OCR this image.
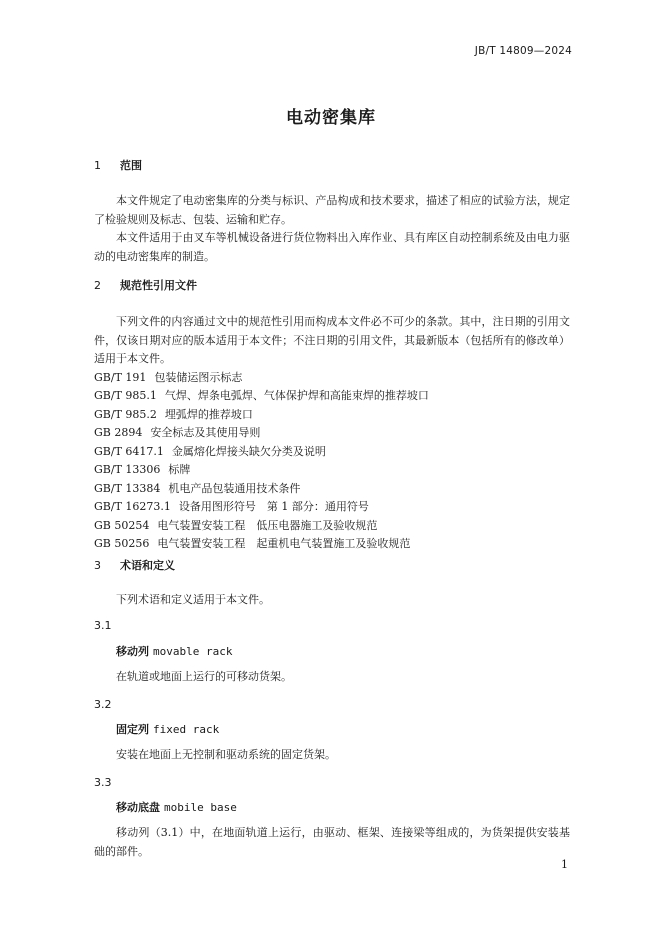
JB/T 14809—2024
电动密集库
1 范围

本文件规定了电动密集库的分类与标识、产品构成和技术要求，描述了相应的试验方法，规定了检验规则及标志、包装、运输和贮存。

本文件适用于由叉车等机械设备进行货位物料出入库作业、具有库区自动控制系统及由电力驱动的电动密集库的制造。

2 规范性引用文件

下列文件的内容通过文中的规范性引用而构成本文件必不可少的条款。其中，注日期的引用文件，仅该日期对应的版本适用于本文件；不注日期的引用文件，其最新版本（包括所有的修改单）适用于本文件。

GB/T 191 包装储运图示标志
GB/T 985.1 气焊、焊条电弧焊、气体保护焊和高能束焊的推荐坡口
GB/T 985.2 埋弧焊的推荐坡口
GB 2894 安全标志及其使用导则
GB/T 6417.1 金属熔化焊接头缺欠分类及说明
GB/T 13306 标牌
GB/T 13384 机电产品包装通用技术条件
GB/T 16273.1 设备用图形符号　第 1 部分：通用符号
GB 50254 电气装置安装工程　低压电器施工及验收规范
GB 50256 电气装置安装工程　起重机电气装置施工及验收规范
3 术语和定义

下列术语和定义适用于本文件。

3.1
移动列 movable rack

在轨道或地面上运行的可移动货架。

3.2
固定列 fixed rack

安装在地面上无控制和驱动系统的固定货架。

3.3
移动底盘 mobile base

移动列（3.1）中，在地面轨道上运行，由驱动、框架、连接梁等组成的，为货架提供安装基础的部件。

1
